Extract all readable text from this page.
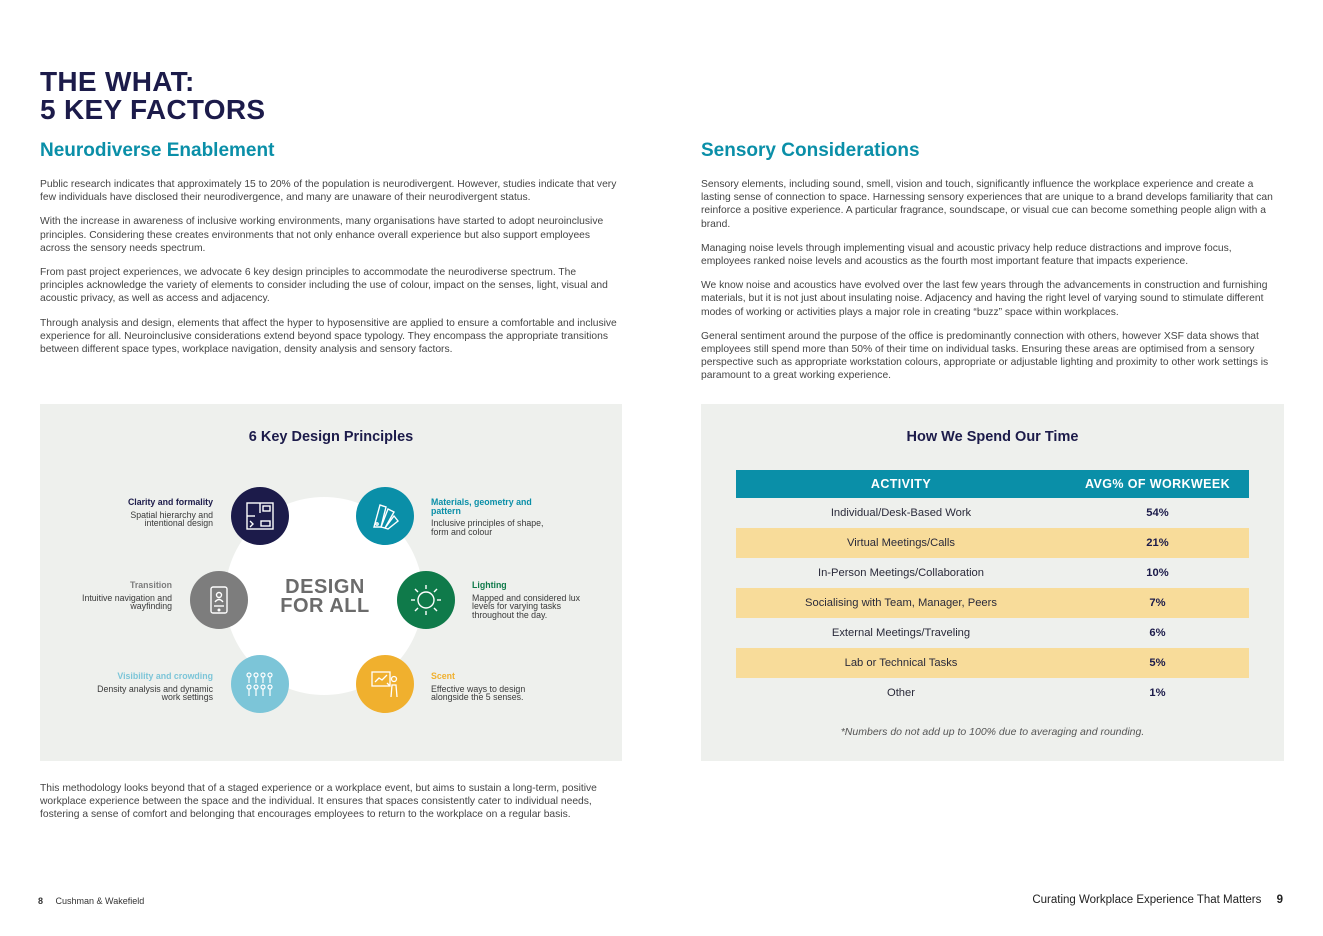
THE WHAT:
5 KEY FACTORS
Neurodiverse Enablement

Public research indicates that approximately 15 to 20% of the population is neurodivergent. However, studies indicate that very few individuals have disclosed their neurodivergence, and many are unaware of their neurodivergent status.

With the increase in awareness of inclusive working environments, many organisations have started to adopt neuroinclusive principles. Considering these creates environments that not only enhance overall experience but also support employees across the sensory needs spectrum.

From past project experiences, we advocate 6 key design principles to accommodate the neurodiverse spectrum. The principles acknowledge the variety of elements to consider including the use of colour, impact on the senses, light, visual and acoustic privacy, as well as access and adjacency.

Through analysis and design, elements that affect the hyper to hyposensitive are applied to ensure a comfortable and inclusive experience for all. Neuroinclusive considerations extend beyond space typology. They encompass the appropriate transitions between different space types, workplace navigation, density analysis and sensory factors.

6 Key Design Principles
DESIGN
FOR ALL
Clarity and formality
Spatial hierarchy and intentional design
Materials, geometry and pattern
Inclusive principles of shape, form and colour
Transition
Intuitive navigation and wayfinding
Lighting
Mapped and considered lux levels for varying tasks throughout the day.
Visibility and crowding
Density analysis and dynamic work settings
Scent
Effective ways to design alongside the 5 senses.

This methodology looks beyond that of a staged experience or a workplace event, but aims to sustain a long-term, positive workplace experience between the space and the individual. It ensures that spaces consistently cater to individual needs, fostering a sense of comfort and belonging that encourages employees to return to the workplace on a regular basis.

Sensory Considerations

Sensory elements, including sound, smell, vision and touch, significantly influence the workplace experience and create a lasting sense of connection to space. Harnessing sensory experiences that are unique to a brand develops familiarity that can reinforce a positive experience. A particular fragrance, soundscape, or visual cue can become something people align with a brand.

Managing noise levels through implementing visual and acoustic privacy help reduce distractions and improve focus, employees ranked noise levels and acoustics as the fourth most important feature that impacts experience.

We know noise and acoustics have evolved over the last few years through the advancements in construction and furnishing materials, but it is not just about insulating noise. Adjacency and having the right level of varying sound to stimulate different modes of working or activities plays a major role in creating “buzz” space within workplaces.

General sentiment around the purpose of the office is predominantly connection with others, however XSF data shows that employees still spend more than 50% of their time on individual tasks. Ensuring these areas are optimised from a sensory perspective such as appropriate workstation colours, appropriate or adjustable lighting and proximity to other work settings is paramount to a great working experience.

How We Spend Our Time
ACTIVITY	AVG% OF WORKWEEK
Individual/Desk-Based Work	54%
Virtual Meetings/Calls	21%
In-Person Meetings/Collaboration	10%
Socialising with Team, Manager, Peers	7%
External Meetings/Traveling	6%
Lab or Technical Tasks	5%
Other	1%
*Numbers do not add up to 100% due to averaging and rounding.
8 Cushman & Wakefield	Curating Workplace Experience That Matters 9
